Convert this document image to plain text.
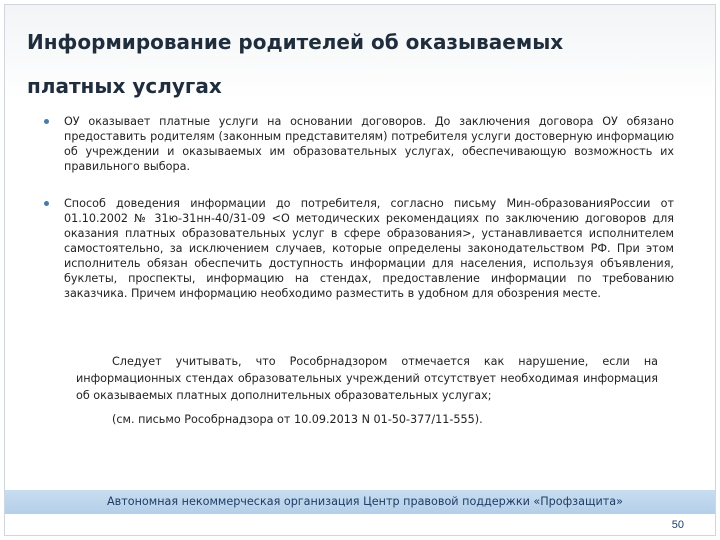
Информирование родителей об оказываемых платных услугах
ОУ оказывает платные услуги на основании договоров. До заключения договора ОУ обязано предоставить родителям (законным представителям) потребителя услуги достоверную информацию об учреждении и оказываемых им образовательных услугах, обеспечивающую возможность их правильного выбора.
Способ доведения информации до потребителя, согласно письму Мин-образованияРоссии от 01.10.2002 № 31ю-31нн-40/31-09 <О методических рекомендациях по заключению договоров для оказания платных образовательных услуг в сфере образования>, устанавливается исполнителем самостоятельно, за исключением случаев, которые определены законодательством РФ. При этом исполнитель обязан обеспечить доступность информации для населения, используя объявления, буклеты, проспекты, информацию на стендах, предоставление информации по требованию заказчика. Причем информацию необходимо разместить в удобном для обозрения месте.

Следует учитывать, что Рособрнадзором отмечается как нарушение, если на информационных стендах образовательных учреждений отсутствует необходимая информация об оказываемых платных дополнительных образовательных услугах;

(см. письмо Рособрнадзора от 10.09.2013 N 01-50-377/11-555).

Автономная некоммерческая организация Центр правовой поддержки «Профзащита»

50
